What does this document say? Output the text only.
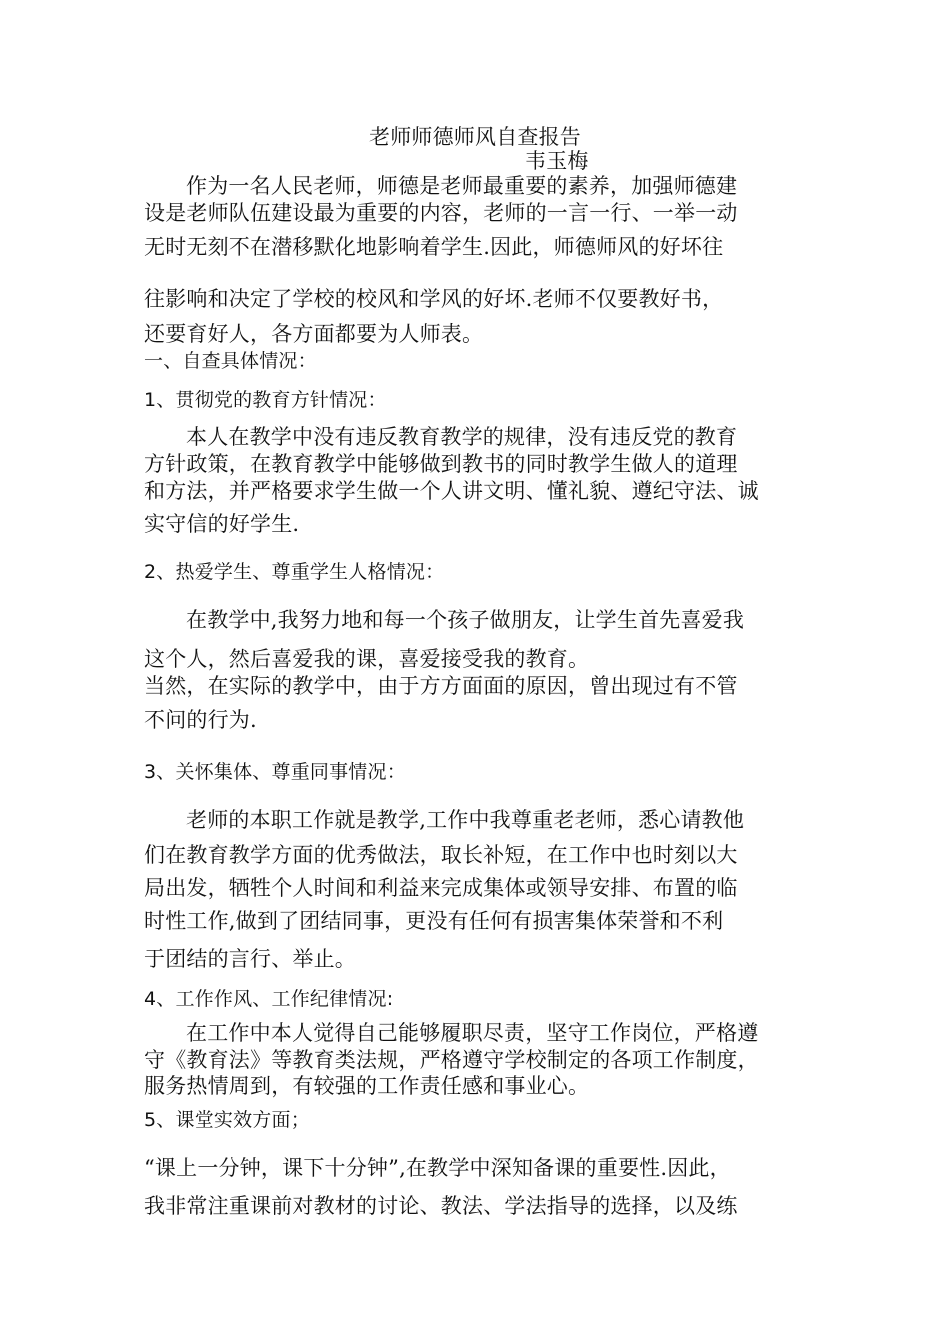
老师师德师风自查报告

韦玉梅

作为一名人民老师，师德是老师最重要的素养，加强师德建

设是老师队伍建设最为重要的内容，老师的一言一行、一举一动

无时无刻不在潜移默化地影响着学生.因此，师德师风的好坏往

往影响和决定了学校的校风和学风的好坏.老师不仅要教好书，

还要育好人，各方面都要为人师表。

一、自查具体情况：

1、贯彻党的教育方针情况：

本人在教学中没有违反教育教学的规律，没有违反党的教育

方针政策，在教育教学中能够做到教书的同时教学生做人的道理

和方法，并严格要求学生做一个人讲文明、懂礼貌、遵纪守法、诚

实守信的好学生.

2、热爱学生、尊重学生人格情况：

在教学中,我努力地和每一个孩子做朋友，让学生首先喜爱我

这个人，然后喜爱我的课，喜爱接受我的教育。

当然，在实际的教学中，由于方方面面的原因，曾出现过有不管

不问的行为.

3、关怀集体、尊重同事情况：

老师的本职工作就是教学,工作中我尊重老老师，悉心请教他

们在教育教学方面的优秀做法，取长补短，在工作中也时刻以大

局出发，牺牲个人时间和利益来完成集体或领导安排、布置的临

时性工作,做到了团结同事，更没有任何有损害集体荣誉和不利

于团结的言行、举止。

4、工作作风、工作纪律情况:

在工作中本人觉得自己能够履职尽责，坚守工作岗位，严格遵

守《教育法》等教育类法规，严格遵守学校制定的各项工作制度，

服务热情周到，有较强的工作责任感和事业心。

5、课堂实效方面；

“课上一分钟，课下十分钟”,在教学中深知备课的重要性.因此，

我非常注重课前对教材的讨论、教法、学法指导的选择，以及练
